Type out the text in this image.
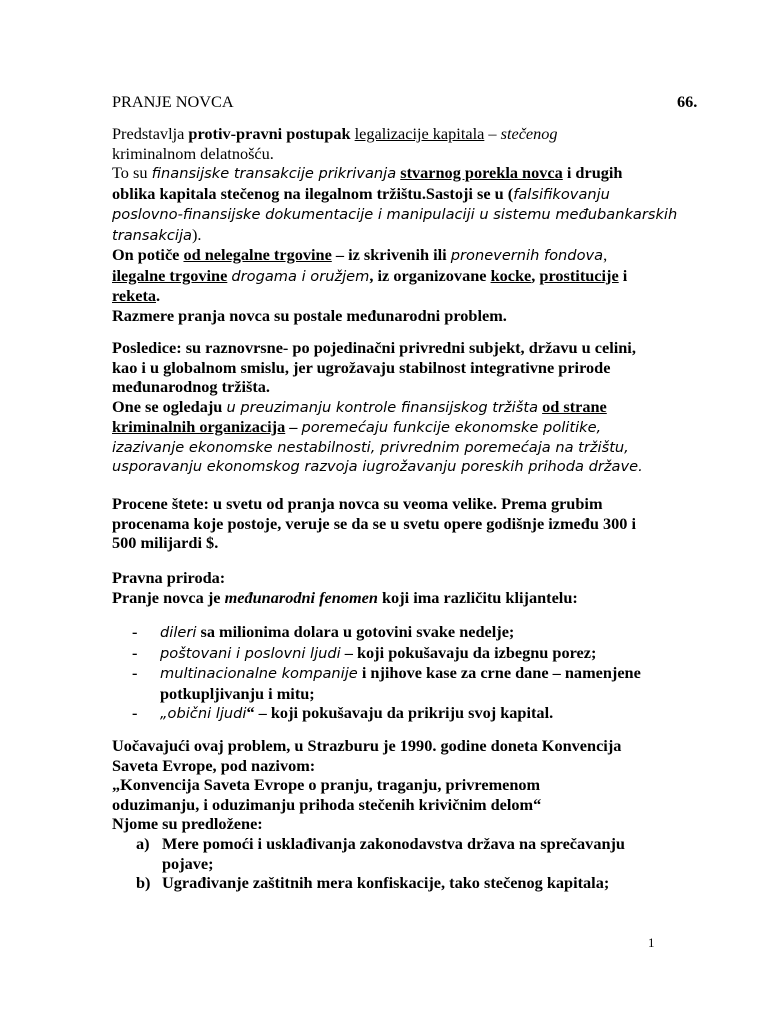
PRANJE NOVCA	66.
Predstavlja protiv-pravni postupak legalizacije kapitala – stečenog
kriminalnom delatnošću.
To su finansijske transakcije prikrivanja stvarnog porekla novca i drugih
oblika kapitala stečenog na ilegalnom tržištu.Sastoji se u (falsifikovanju
poslovno-finansijske dokumentacije i manipulaciji u sistemu međubankarskih
transakcija).
On potiče od nelegalne trgovine – iz skrivenih ili pronevernih fondova,
ilegalne trgovine drogama i oružjem, iz organizovane kocke, prostitucije i
reketa.
Razmere pranja novca su postale međunarodni problem.
Posledice: su raznovrsne- po pojedinačni privredni subjekt, državu u celini,
kao i u globalnom smislu, jer ugrožavaju stabilnost integrativne prirode
međunarodnog tržišta.
One se ogledaju u preuzimanju kontrole finansijskog tržišta od strane
kriminalnih organizacija – poremećaju funkcije ekonomske politike,
izazivanje ekonomske nestabilnosti, privrednim poremećaja na tržištu,
usporavanju ekonomskog razvoja iugrožavanju poreskih prihoda države.
Procene štete: u svetu od pranja novca su veoma velike. Prema grubim
procenama koje postoje, veruje se da se u svetu opere godišnje između 300 i
500 milijardi $.
Pravna priroda:
Pranje novca je međunarodni fenomen koji ima različitu klijantelu:
- dileri sa milionima dolara u gotovini svake nedelje;
- poštovani i poslovni ljudi – koji pokušavaju da izbegnu porez;
- multinacionalne kompanije i njihove kase za crne dane – namenjene
potkupljivanju i mitu;
- „obični ljudi“ – koji pokušavaju da prikriju svoj kapital.
Uočavajući ovaj problem, u Strazburu je 1990. godine doneta Konvencija
Saveta Evrope, pod nazivom:
„Konvencija Saveta Evrope o pranju, traganju, privremenom
oduzimanju, i oduzimanju prihoda stečenih krivičnim delom“
Njome su predložene:
a) Mere pomoći i usklađivanja zakonodavstva država na sprečavanju
pojave;
b) Ugrađivanje zaštitnih mera konfiskacije, tako stečenog kapitala;
1
